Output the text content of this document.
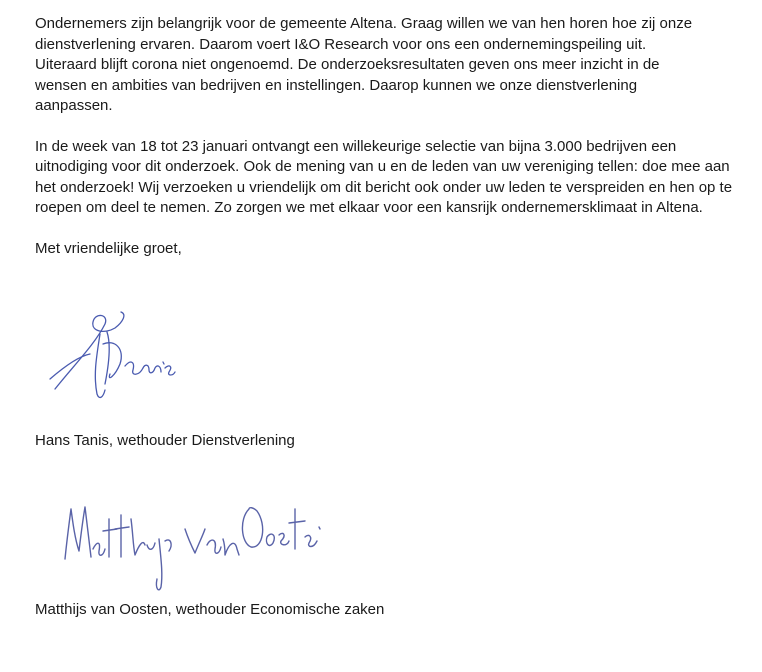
Ondernemers zijn belangrijk voor de gemeente Altena. Graag willen we van hen horen hoe zij onze dienstverlening ervaren. Daarom voert I&O Research voor ons een ondernemingspeiling uit. Uiteraard blijft corona niet ongenoemd. De onderzoeksresultaten geven ons meer inzicht in de wensen en ambities van bedrijven en instellingen. Daarop kunnen we onze dienstverlening aanpassen.

In de week van 18 tot 23 januari ontvangt een willekeurige selectie van bijna 3.000 bedrijven een uitnodiging voor dit onderzoek. Ook de mening van u en de leden van uw vereniging tellen: doe mee aan het onderzoek! Wij verzoeken u vriendelijk om dit bericht ook onder uw leden te verspreiden en hen op te roepen om deel te nemen. Zo zorgen we met elkaar voor een kansrijk ondernemersklimaat in Altena.

Met vriendelijke groet,

Hans Tanis, wethouder Dienstverlening
Matthijs van Oosten, wethouder Economische zaken
